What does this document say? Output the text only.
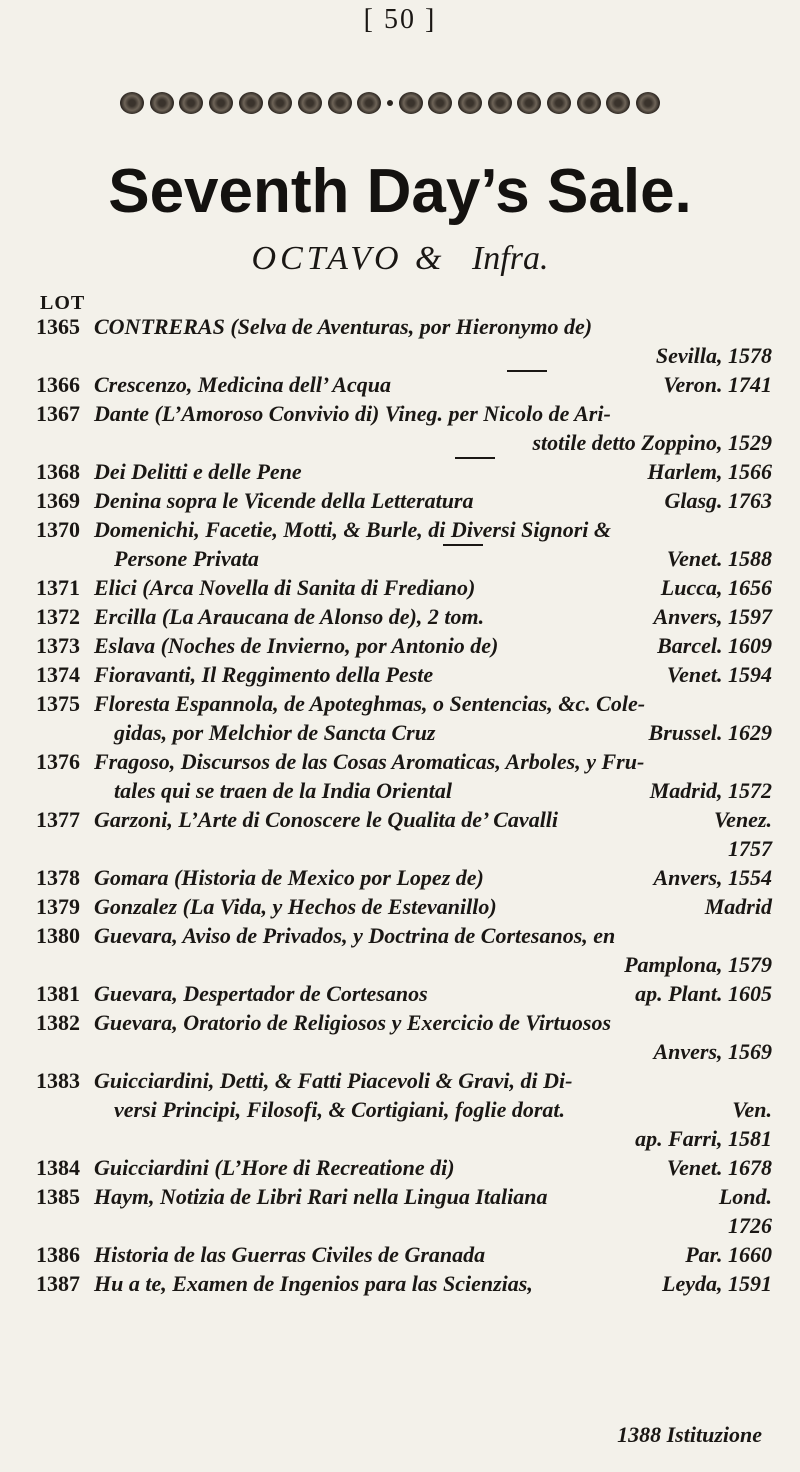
[ 50 ]
Seventh Day’s Sale.
OCTAVO & Infra.
LOT
1365 CONTRERAS (Selva de Aventuras, por Hieronymo de)
Sevilla, 1578
1366 Crescenzo, Medicina dell’ Acqua	Veron. 1741
1367 Dante (L’Amoroso Convivio di) Vineg. per Nicolo de Ari-
stotile detto Zoppino, 1529
1368 Dei Delitti e delle Pene	Harlem, 1566
1369 Denina sopra le Vicende della Letteratura	Glasg. 1763
1370 Domenichi, Facetie, Motti, & Burle, di Diversi Signori &
Persone Privata	Venet. 1588
1371 Elici (Arca Novella di Sanita di Frediano)	Lucca, 1656
1372 Ercilla (La Araucana de Alonso de), 2 tom.	Anvers, 1597
1373 Eslava (Noches de Invierno, por Antonio de)	Barcel. 1609
1374 Fioravanti, Il Reggimento della Peste	Venet. 1594
1375 Floresta Espannola, de Apoteghmas, o Sentencias, &c. Cole-
gidas, por Melchior de Sancta Cruz	Brussel. 1629
1376 Fragoso, Discursos de las Cosas Aromaticas, Arboles, y Fru-
tales qui se traen de la India Oriental	Madrid, 1572
1377 Garzoni, L’Arte di Conoscere le Qualita de’ Cavalli	Venez.
1757
1378 Gomara (Historia de Mexico por Lopez de)	Anvers, 1554
1379 Gonzalez (La Vida, y Hechos de Estevanillo)	Madrid
1380 Guevara, Aviso de Privados, y Doctrina de Cortesanos, en
Pamplona, 1579
1381 Guevara, Despertador de Cortesanos	ap. Plant. 1605
1382 Guevara, Oratorio de Religiosos y Exercicio de Virtuosos
Anvers, 1569
1383 Guicciardini, Detti, & Fatti Piacevoli & Gravi, di Di-
versi Principi, Filosofi, & Cortigiani, foglie dorat.	Ven.
ap. Farri, 1581
1384 Guicciardini (L’Hore di Recreatione di)	Venet. 1678
1385 Haym, Notizia de Libri Rari nella Lingua Italiana	Lond.
1726
1386 Historia de las Guerras Civiles de Granada	Par. 1660
1387 Hu a te, Examen de Ingenios para las Scienzias,	Leyda, 1591
1388 Istituzione
